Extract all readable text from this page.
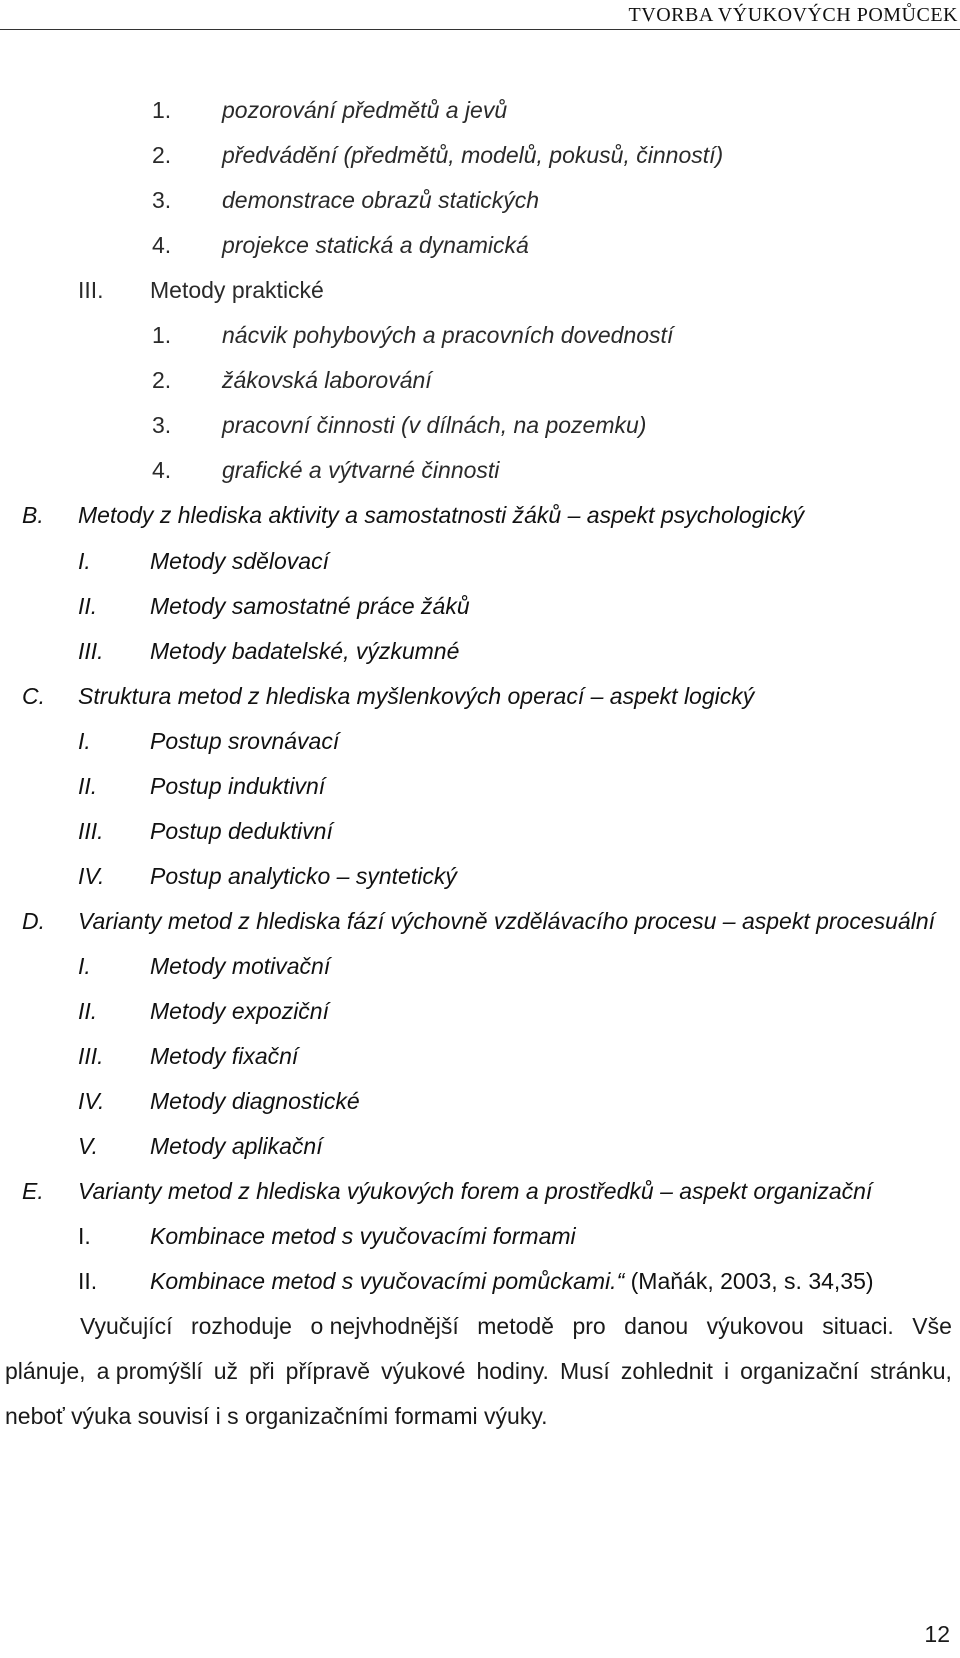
TVORBA VÝUKOVÝCH POMŮCEK
1. pozorování předmětů a jevů
2. předvádění (předmětů, modelů, pokusů, činností)
3. demonstrace obrazů statických
4. projekce statická a dynamická
III. Metody praktické
1. nácvik pohybových a pracovních dovedností
2. žákovská laborování
3. pracovní činnosti (v dílnách, na pozemku)
4. grafické a výtvarné činnosti
B. Metody z hlediska aktivity a samostatnosti žáků – aspekt psychologický
I.	Metody sdělovací
II. Metody samostatné práce žáků
III. Metody badatelské, výzkumné
C. Struktura metod z hlediska myšlenkových operací – aspekt logický
I.	Postup srovnávací
II. Postup induktivní
III. Postup deduktivní
IV. Postup analyticko – syntetický
D. Varianty metod z hlediska fází výchovně vzdělávacího procesu – aspekt procesuální
I.	Metody motivační
II. Metody expoziční
III. Metody fixační
IV. Metody diagnostické
V. Metody aplikační
E. Varianty metod z hlediska výukových forem a prostředků – aspekt organizační
I.	Kombinace metod s vyučovacími formami
II. Kombinace metod s vyučovacími pomůckami.“ (Maňák, 2003, s. 34,35)
Vyučující rozhoduje o nejvhodnější metodě pro danou výukovou situaci. Vše
plánuje, a promýšlí už při přípravě výukové hodiny. Musí zohlednit i organizační stránku,
neboť výuka souvisí i s organizačními formami výuky.
12
